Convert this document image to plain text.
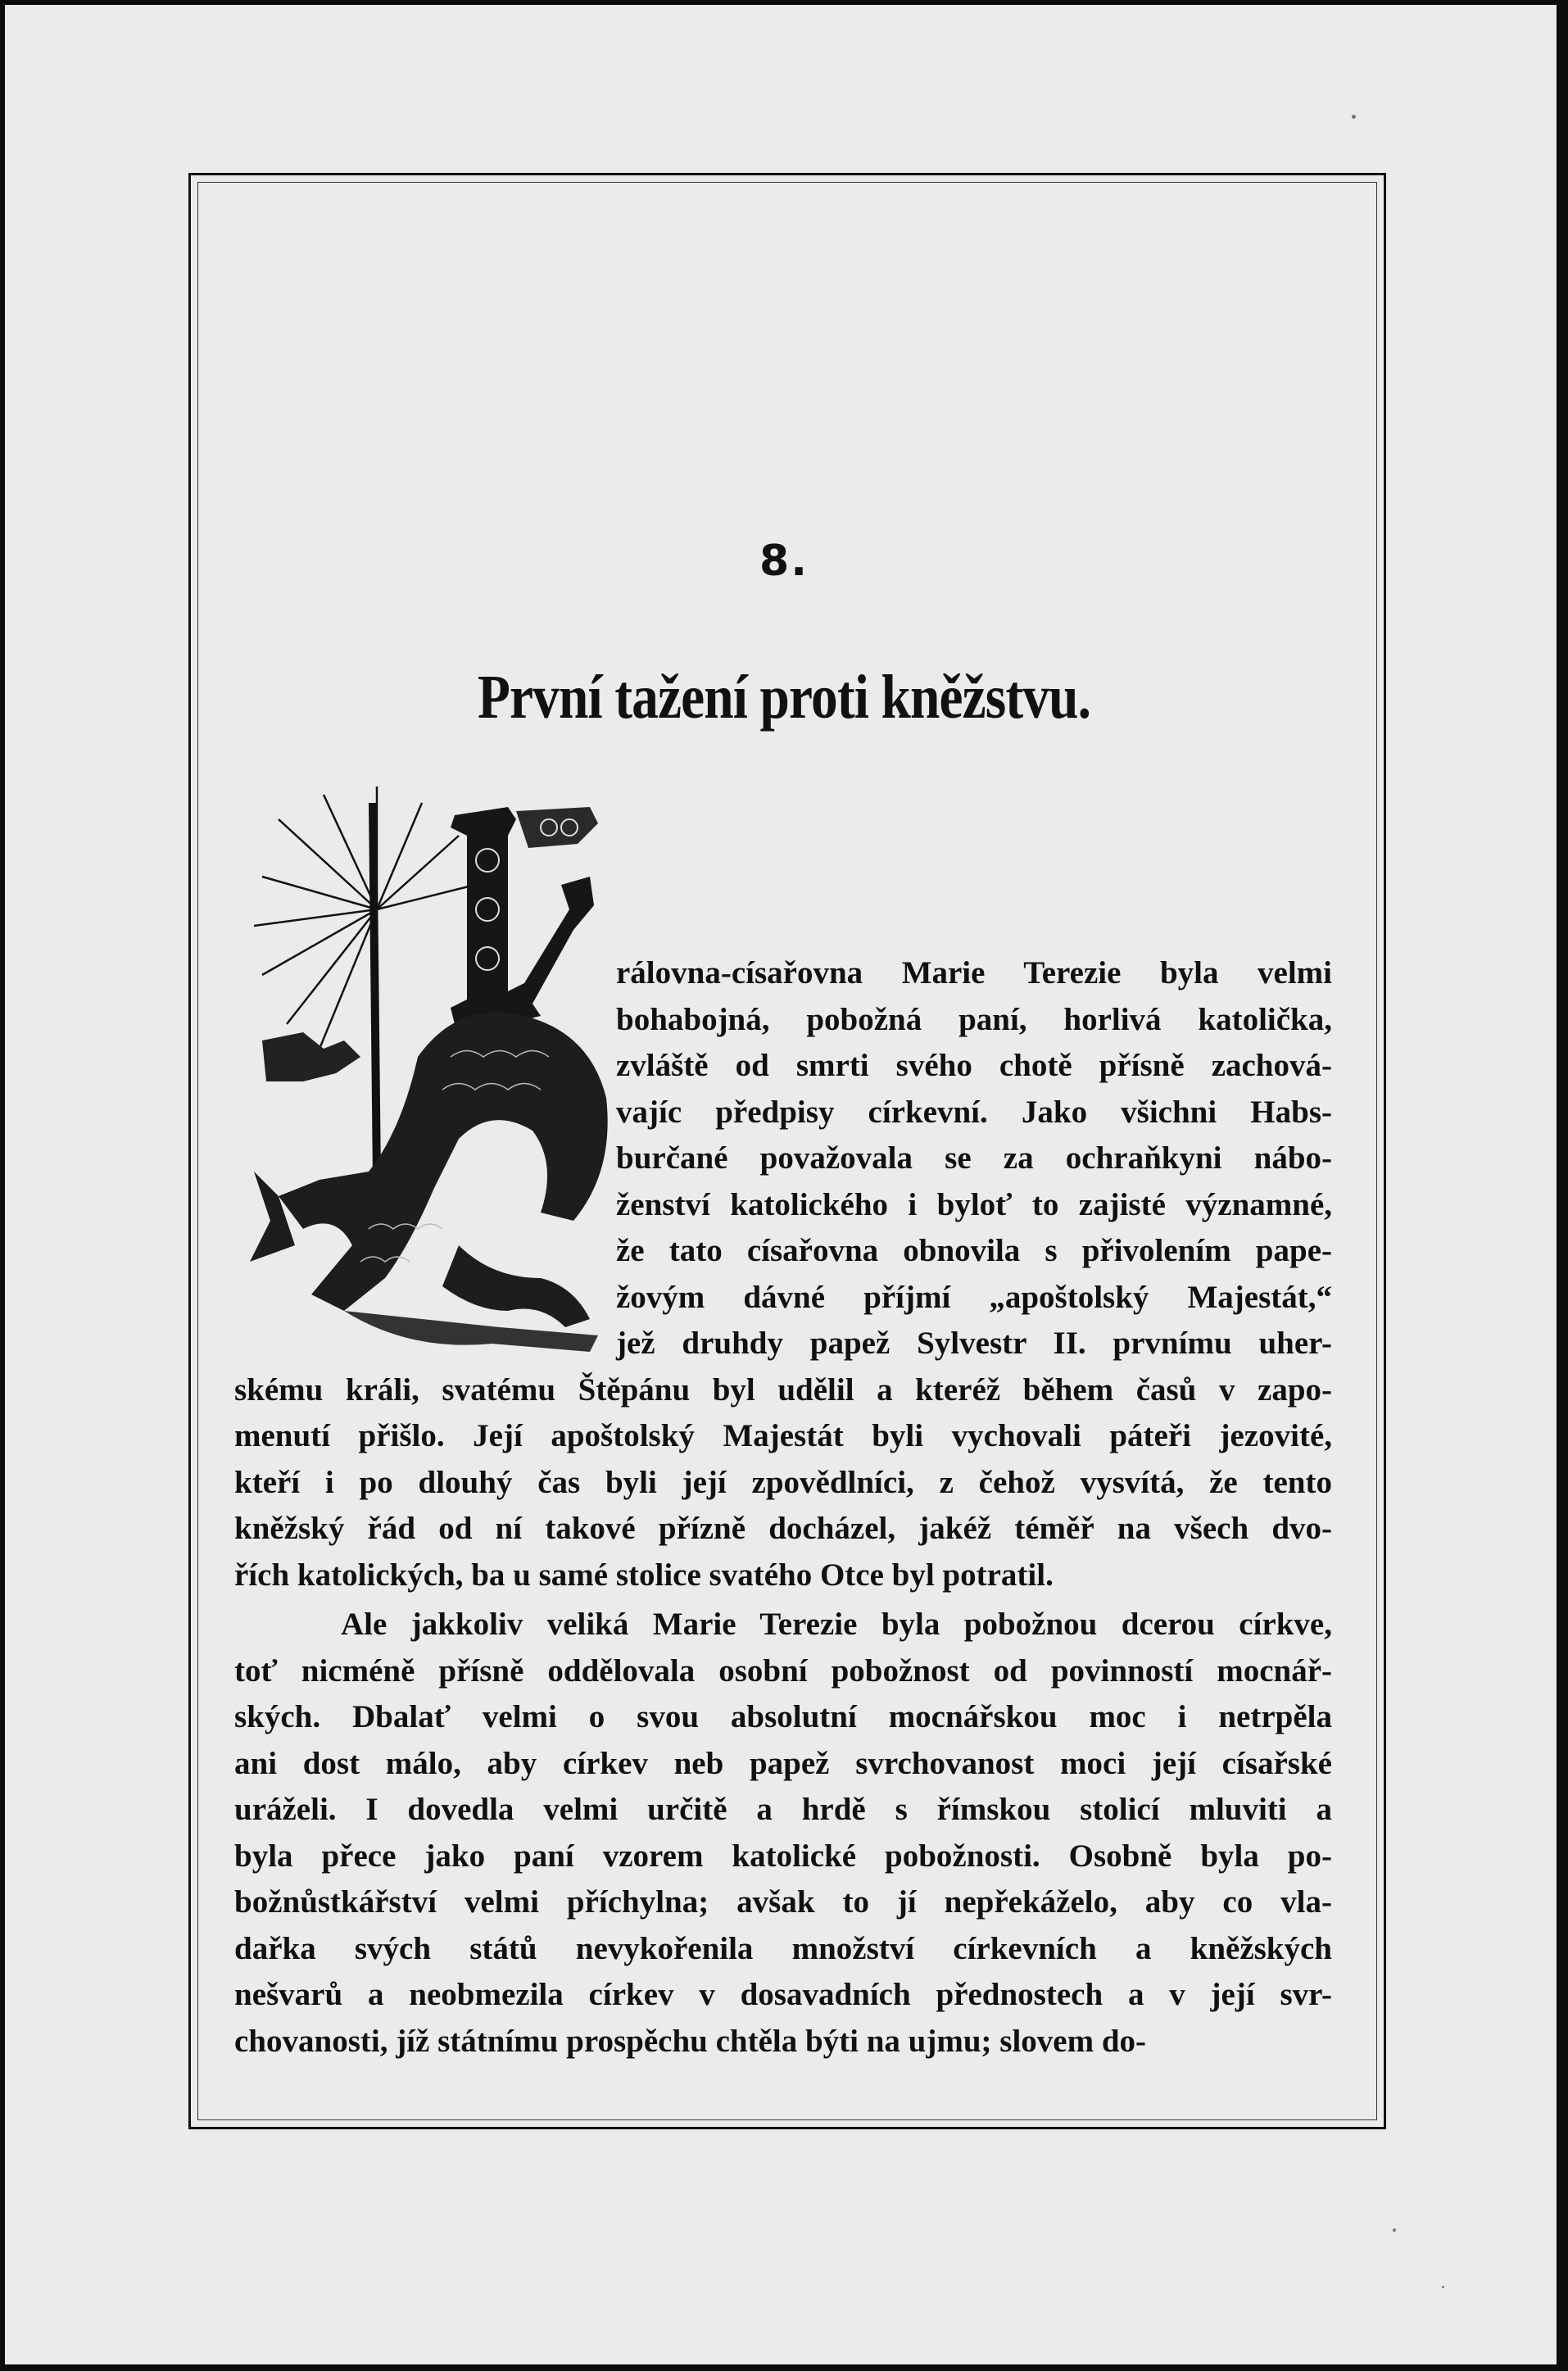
8.
První tažení proti kněžstvu.
rálovna-císařovna Marie Terezie byla velmi
bohabojná, pobožná paní, horlivá katolička,
zvláště od smrti svého chotě přísně zachová-
vajíc předpisy církevní. Jako všichni Habs-
burčané považovala se za ochraňkyni nábo-
ženství katolického i byloť to zajisté významné,
že tato císařovna obnovila s přivolením pape-
žovým dávné příjmí „apoštolský Majestát,“
jež druhdy papež Sylvestr II. prvnímu uher-
skému králi, svatému Štěpánu byl udělil a kteréž během časů v zapo-
menutí přišlo. Její apoštolský Majestát byli vychovali páteři jezovité,
kteří i po dlouhý čas byli její zpovědlníci, z čehož vysvítá, že tento
kněžský řád od ní takové přízně docházel, jakéž téměř na všech dvo-
řích katolických, ba u samé stolice svatého Otce byl potratil.
Ale jakkoliv veliká Marie Terezie byla pobožnou dcerou církve,
toť nicméně přísně oddělovala osobní pobožnost od povinností mocnář-
ských. Dbalať velmi o svou absolutní mocnářskou moc i netrpěla
ani dost málo, aby církev neb papež svrchovanost moci její císařské
uráželi. I dovedla velmi určitě a hrdě s římskou stolicí mluviti a
byla přece jako paní vzorem katolické pobožnosti. Osobně byla po-
božnůstkářství velmi příchylna; avšak to jí nepřekáželo, aby co vla-
dařka svých států nevykořenila množství církevních a kněžských
nešvarů a neobmezila církev v dosavadních přednostech a v její svr-
chovanosti, jíž státnímu prospěchu chtěla býti na ujmu; slovem do-
